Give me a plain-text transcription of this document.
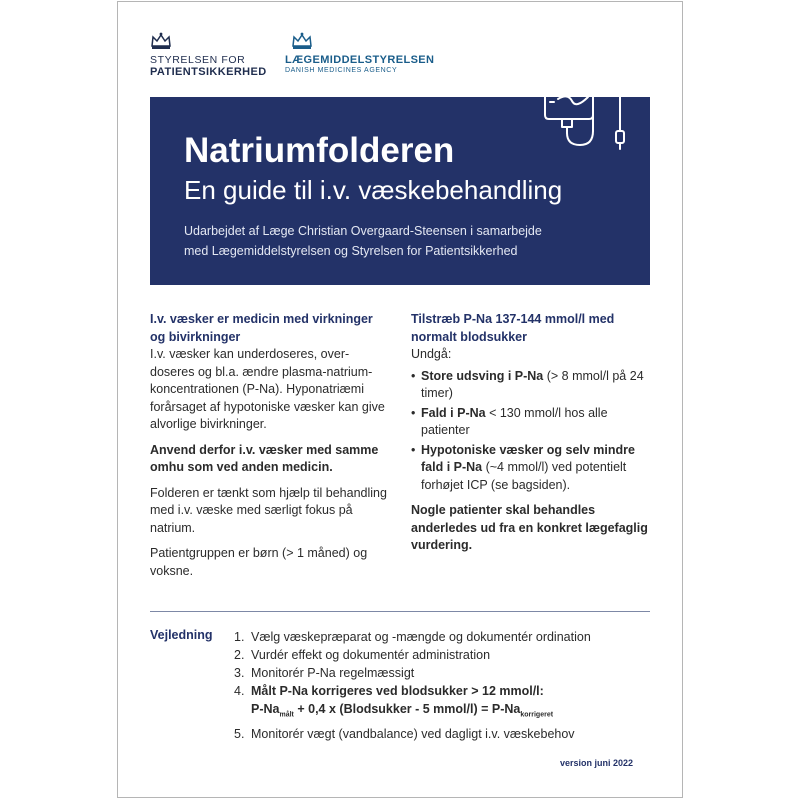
STYRELSEN FOR
PATIENTSIKKERHED
LÆGEMIDDELSTYRELSEN
DANISH MEDICINES AGENCY
Natriumfolderen
En guide til i.v. væskebehandling
Udarbejdet af Læge Christian Overgaard-Steensen i samarbejde
med Lægemiddelstyrelsen og Styrelsen for Patientsikkerhed
I.v. væsker er medicin med virkninger og bivirkninger
I.v. væsker kan underdoseres, over-doseres og bl.a. ændre plasma-natrium-koncentrationen (P-Na). Hyponatriæmi forårsaget af hypotoniske væsker kan give alvorlige bivirkninger.
Anvend derfor i.v. væsker med samme omhu som ved anden medicin.
Folderen er tænkt som hjælp til behandling med i.v. væske med særligt fokus på natrium.
Patientgruppen er børn (> 1 måned) og voksne.
Tilstræb P-Na 137-144 mmol/l med normalt blodsukker
Undgå:
• Store udsving i P-Na (> 8 mmol/l på 24 timer)
• Fald i P-Na < 130 mmol/l hos alle patienter
• Hypotoniske væsker og selv mindre fald i P-Na (~4 mmol/l) ved potentielt forhøjet ICP (se bagsiden).
Nogle patienter skal behandles anderledes ud fra en konkret lægefaglig vurdering.
Vejledning 1. Vælg væskepræparat og -mængde og dokumentér ordination
2. Vurdér effekt og dokumentér administration
3. Monitorér P-Na regelmæssigt
4. Målt P-Na korrigeres ved blodsukker > 12 mmol/l:
$P-Na_{målt} + 0,4$ x (Blodsukker - 5 mmol/l) = $P-Na_{korrigeret}$
5. Monitorér vægt (vandbalance) ved dagligt i.v. væskebehov
version juni 2022
